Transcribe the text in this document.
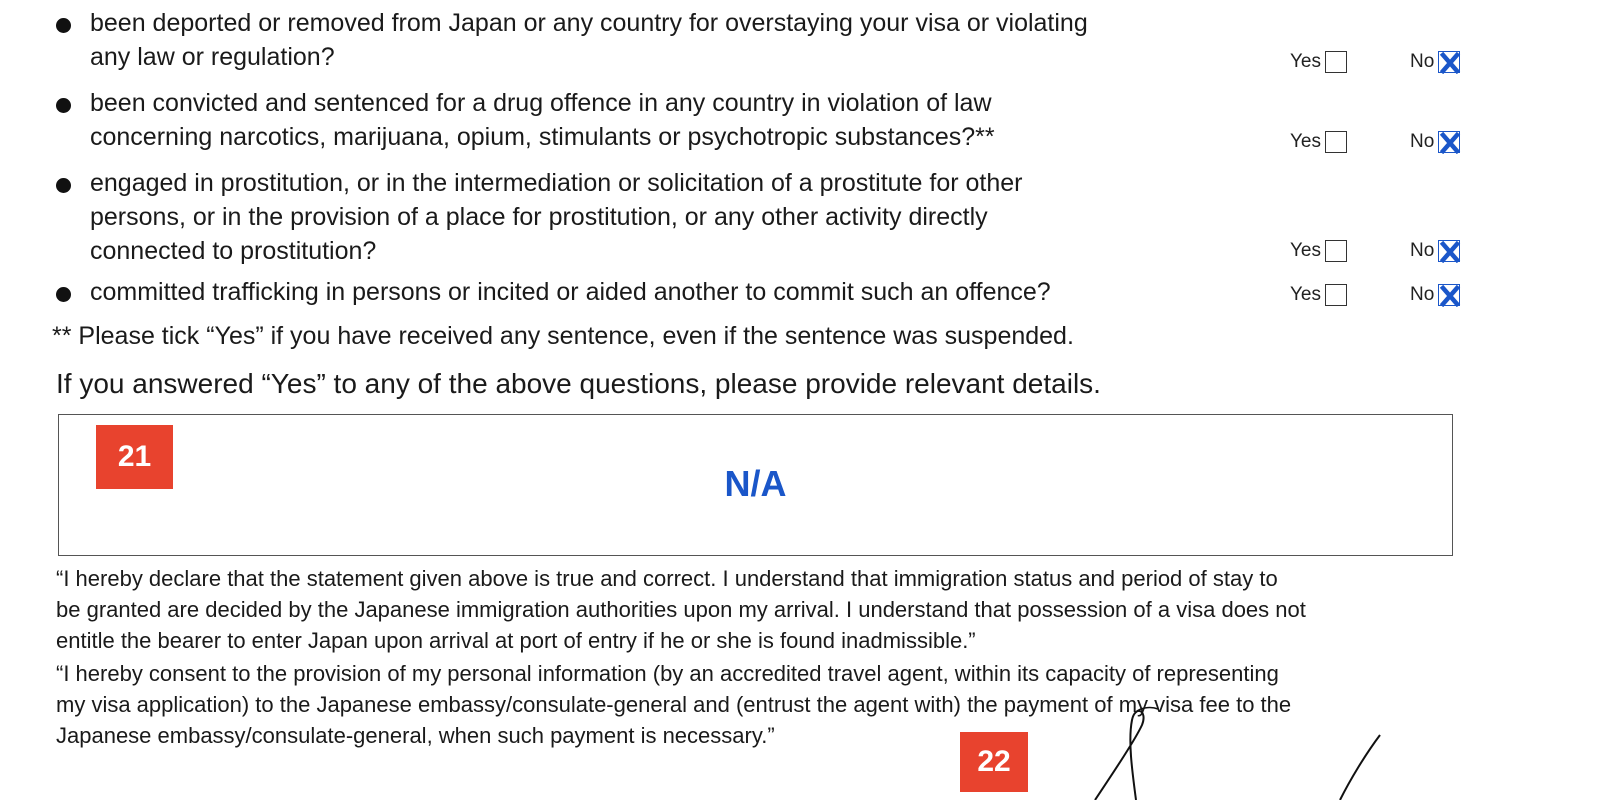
been deported or removed from Japan or any country for overstaying your visa or violating
any law or regulation?	Yes	No
been convicted and sentenced for a drug offence in any country in violation of law
concerning narcotics, marijuana, opium, stimulants or psychotropic substances?**	Yes	No
engaged in prostitution, or in the intermediation or solicitation of a prostitute for other
persons, or in the provision of a place for prostitution, or any other activity directly
connected to prostitution?	Yes	No
committed trafficking in persons or incited or aided another to commit such an offence?	Yes	No
** Please tick “Yes” if you have received any sentence, even if the sentence was suspended.
If you answered “Yes” to any of the above questions, please provide relevant details.
N/A
21
“I hereby declare that the statement given above is true and correct. I understand that immigration status and period of stay to
be granted are decided by the Japanese immigration authorities upon my arrival. I understand that possession of a visa does not
entitle the bearer to enter Japan upon arrival at port of entry if he or she is found inadmissible.”
“I hereby consent to the provision of my personal information (by an accredited travel agent, within its capacity of representing
my visa application) to the Japanese embassy/consulate-general and (entrust the agent with) the payment of my visa fee to the
Japanese embassy/consulate-general, when such payment is necessary.”
22
